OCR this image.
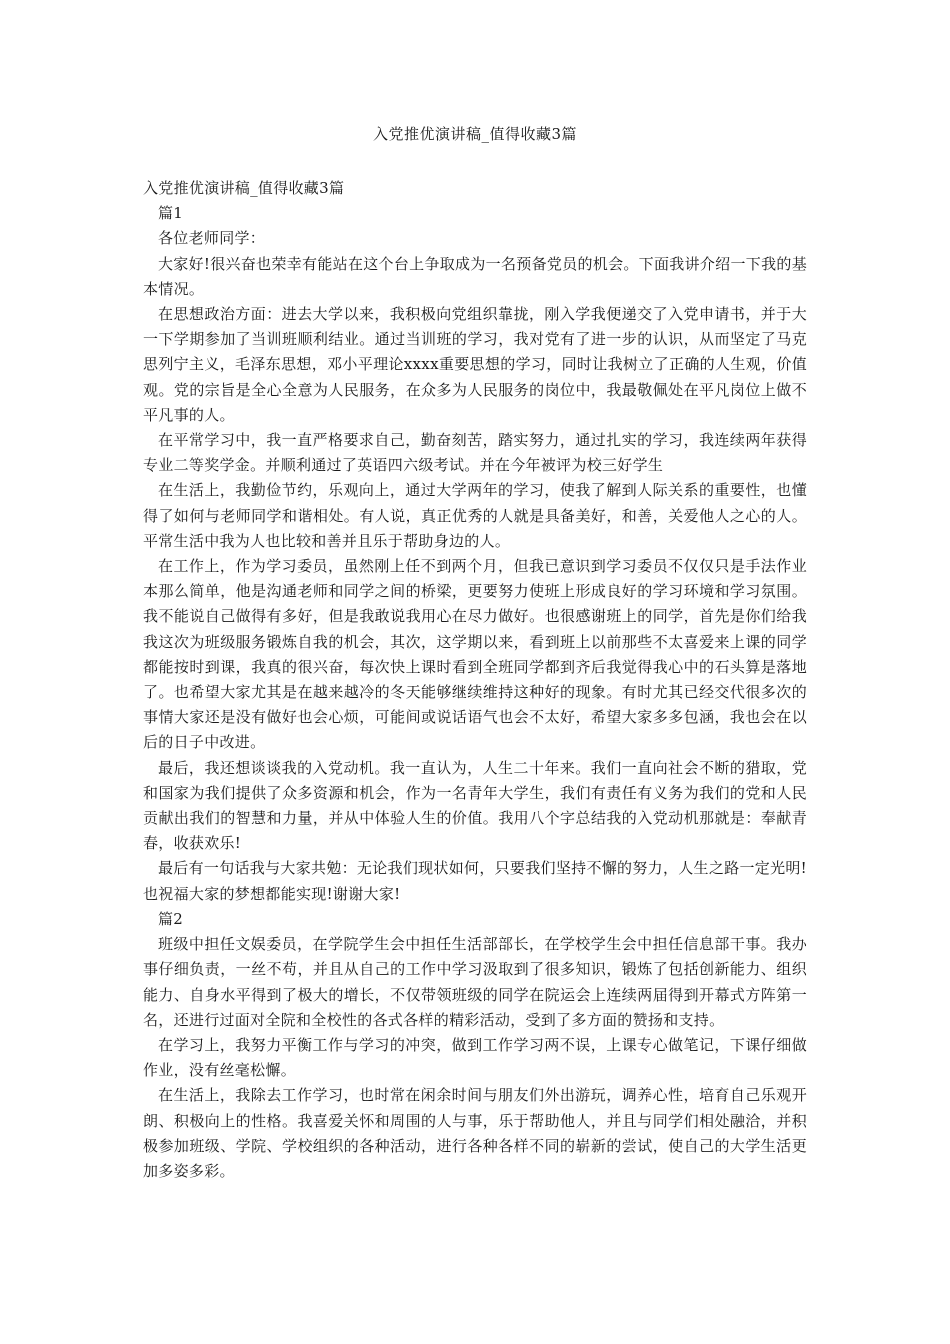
入党推优演讲稿_值得收藏3篇

入党推优演讲稿_值得收藏3篇

篇1

各位老师同学：

大家好!很兴奋也荣幸有能站在这个台上争取成为一名预备党员的机会。下面我讲介绍一下我的基本情况。

在思想政治方面：进去大学以来，我积极向党组织靠拢，刚入学我便递交了入党申请书，并于大一下学期参加了当训班顺利结业。通过当训班的学习，我对党有了进一步的认识，从而坚定了马克思列宁主义，毛泽东思想，邓小平理论xxxx重要思想的学习，同时让我树立了正确的人生观，价值观。党的宗旨是全心全意为人民服务，在众多为人民服务的岗位中，我最敬佩处在平凡岗位上做不平凡事的人。

在平常学习中，我一直严格要求自己，勤奋刻苦，踏实努力，通过扎实的学习，我连续两年获得专业二等奖学金。并顺利通过了英语四六级考试。并在今年被评为校三好学生

在生活上，我勤俭节约，乐观向上，通过大学两年的学习，使我了解到人际关系的重要性，也懂得了如何与老师同学和谐相处。有人说，真正优秀的人就是具备美好，和善，关爱他人之心的人。平常生活中我为人也比较和善并且乐于帮助身边的人。

在工作上，作为学习委员，虽然刚上任不到两个月，但我已意识到学习委员不仅仅只是手法作业本那么简单，他是沟通老师和同学之间的桥梁，更要努力使班上形成良好的学习环境和学习氛围。我不能说自己做得有多好，但是我敢说我用心在尽力做好。也很感谢班上的同学，首先是你们给我我这次为班级服务锻炼自我的机会，其次，这学期以来，看到班上以前那些不太喜爱来上课的同学都能按时到课，我真的很兴奋，每次快上课时看到全班同学都到齐后我觉得我心中的石头算是落地了。也希望大家尤其是在越来越冷的冬天能够继续维持这种好的现象。有时尤其已经交代很多次的事情大家还是没有做好也会心烦，可能间或说话语气也会不太好，希望大家多多包涵，我也会在以后的日子中改进。

最后，我还想谈谈我的入党动机。我一直认为，人生二十年来。我们一直向社会不断的猎取，党和国家为我们提供了众多资源和机会，作为一名青年大学生，我们有责任有义务为我们的党和人民贡献出我们的智慧和力量，并从中体验人生的价值。我用八个字总结我的入党动机那就是：奉献青春，收获欢乐!

最后有一句话我与大家共勉：无论我们现状如何，只要我们坚持不懈的努力，人生之路一定光明!也祝福大家的梦想都能实现!谢谢大家!

篇2

班级中担任文娱委员，在学院学生会中担任生活部部长，在学校学生会中担任信息部干事。我办事仔细负责，一丝不苟，并且从自己的工作中学习汲取到了很多知识，锻炼了包括创新能力、组织能力、自身水平得到了极大的增长，不仅带领班级的同学在院运会上连续两届得到开幕式方阵第一名，还进行过面对全院和全校性的各式各样的精彩活动，受到了多方面的赞扬和支持。

在学习上，我努力平衡工作与学习的冲突，做到工作学习两不误，上课专心做笔记，下课仔细做作业，没有丝毫松懈。

在生活上，我除去工作学习，也时常在闲余时间与朋友们外出游玩，调养心性，培育自己乐观开朗、积极向上的性格。我喜爱关怀和周围的人与事，乐于帮助他人，并且与同学们相处融洽，并积极参加班级、学院、学校组织的各种活动，进行各种各样不同的崭新的尝试，使自己的大学生活更加多姿多彩。
